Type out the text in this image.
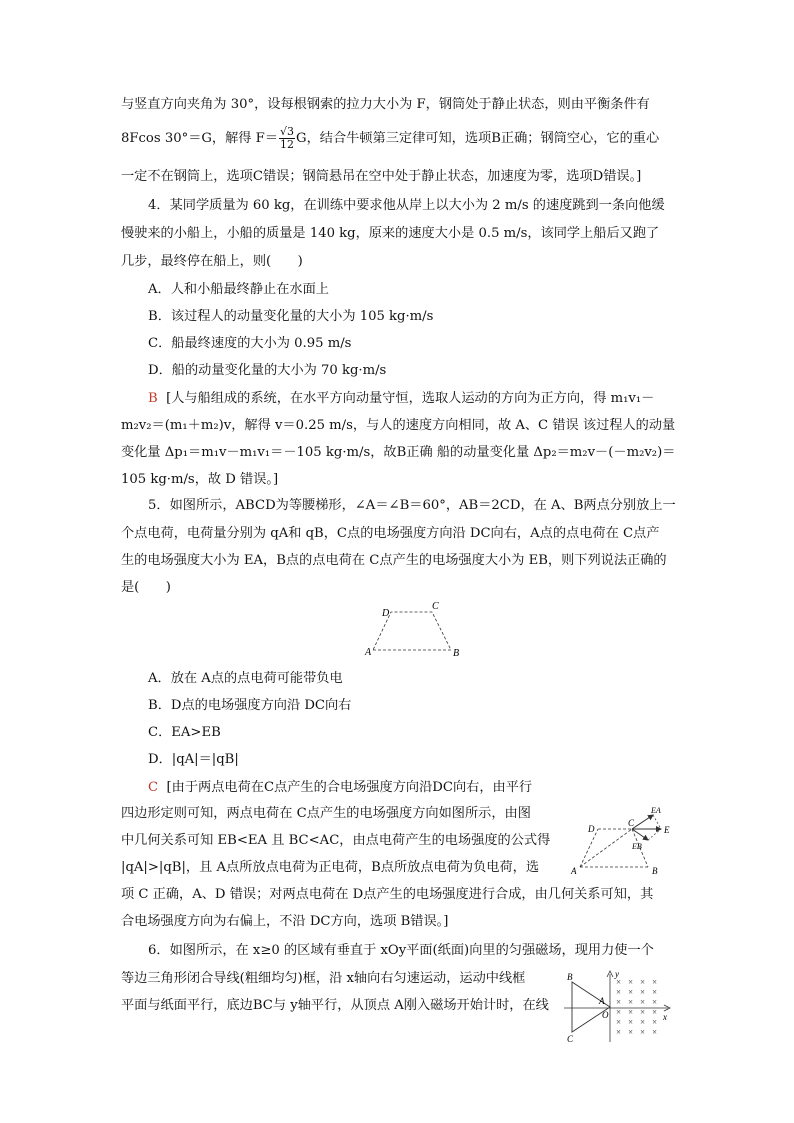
与竖直方向夹角为 30°，设每根钢索的拉力大小为 F，钢筒处于静止状态，则由平衡条件有
8Fcos 30°＝G，解得 $F= \frac{√3}{12}$ G，结合牛顿第三定律可知，选项B正确；钢筒空心，它的重心
一定不在钢筒上，选项C错误；钢筒悬吊在空中处于静止状态，加速度为零，选项D错误。]
4．某同学质量为 60 kg，在训练中要求他从岸上以大小为 2 m/s 的速度跳到一条向他缓
慢驶来的小船上，小船的质量是 140 kg，原来的速度大小是 0.5 m/s，该同学上船后又跑了
几步，最终停在船上，则(　　)
A．人和小船最终静止在水面上
B．该过程人的动量变化量的大小为 105 kg·m/s
C．船最终速度的大小为 0.95 m/s
D．船的动量变化量的大小为 70 kg·m/s
B [人与船组成的系统，在水平方向动量守恒，选取人运动的方向为正方向，得 m₁v₁－
m₂v₂＝(m₁＋m₂)v，解得 v＝0.25 m/s，与人的速度方向相同，故 A、C 错误 该过程人的动量
变化量 Δp₁＝m₁v－m₁v₁＝－105 kg·m/s，故B正确 船的动量变化量 Δp₂＝m₂v－(－m₂v₂)＝
105 kg·m/s，故 D 错误。]
5．如图所示，ABCD为等腰梯形，∠A＝∠B＝60°，AB＝2CD，在 A、B两点分别放上一
个点电荷，电荷量分别为 qA和 qB，C点的电场强度方向沿 DC向右，A点的点电荷在 C点产
生的电场强度大小为 EA，B点的点电荷在 C点产生的电场强度大小为 EB，则下列说法正确的
是(　　)
A	B
C
D
A．放在 A点的点电荷可能带负电
B．D点的电场强度方向沿 DC向右
C．EA>EB
D．|qA|＝|qB|
C [由于两点电荷在C点产生的合电场强度方向沿DC向右，由平行
四边形定则可知，两点电荷在 C点产生的电场强度方向如图所示，由图
中几何关系可知 EB<EA 且 BC<AC，由点电荷产生的电场强度的公式得
|qA|>|qB|，且 A点所放点电荷为正电荷，B点所放点电荷为负电荷，选
项 C 正确，A、D 错误；对两点电荷在 D点产生的电场强度进行合成，由几何关系可知，其
合电场强度方向为右偏上，不沿 DC方向，选项 B错误。]
A	B
C
D	E
EA
EB
6．如图所示，在 x≥0 的区域有垂直于 xOy平面(纸面)向里的匀强磁场，现用力使一个
等边三角形闭合导线(粗细均匀)框，沿 x轴向右匀速运动，运动中线框
平面与纸面平行，底边BC与 y轴平行，从顶点 A刚入磁场开始计时，在线
B
C
A
O
y
x
× × × ×
× × × ×
× × × ×
× × × ×
× × × ×
× × × ×
